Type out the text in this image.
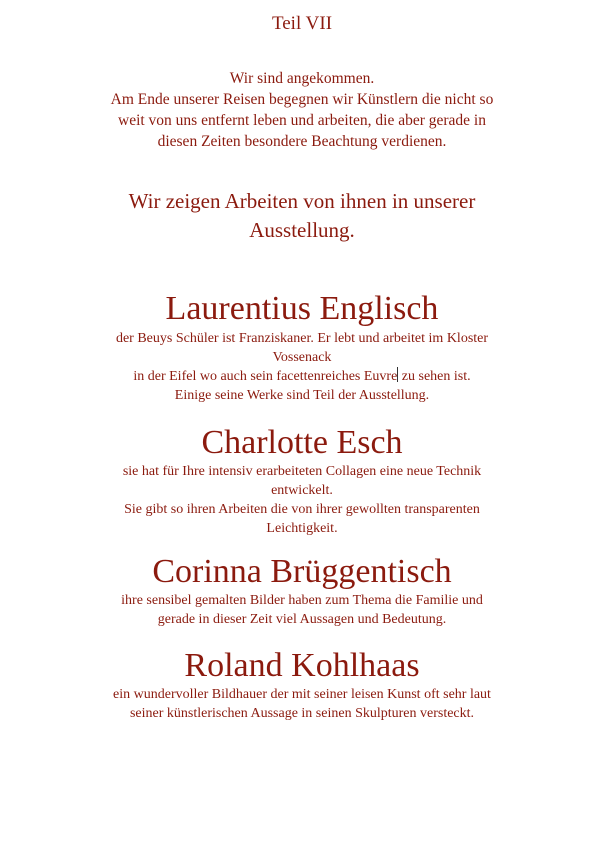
Teil VII
Wir sind angekommen.
Am Ende unserer Reisen begegnen wir Künstlern die nicht so
weit von uns entfernt leben und arbeiten, die aber gerade in
diesen Zeiten besondere Beachtung verdienen.
Wir zeigen Arbeiten von ihnen in unserer
Ausstellung.
Laurentius Englisch
der Beuys Schüler ist Franziskaner. Er lebt und arbeitet im Kloster
Vossenack
in der Eifel wo auch sein facettenreiches Euvre zu sehen ist.
Einige seine Werke sind Teil der Ausstellung.
Charlotte Esch
sie hat für Ihre intensiv erarbeiteten Collagen eine neue Technik
entwickelt.
Sie gibt so ihren Arbeiten die von ihrer gewollten transparenten
Leichtigkeit.
Corinna Brüggentisch
ihre sensibel gemalten Bilder haben zum Thema die Familie und
gerade in dieser Zeit viel Aussagen und Bedeutung.
Roland Kohlhaas
ein wundervoller Bildhauer der mit seiner leisen Kunst oft sehr laut
seiner künstlerischen Aussage in seinen Skulpturen versteckt.
